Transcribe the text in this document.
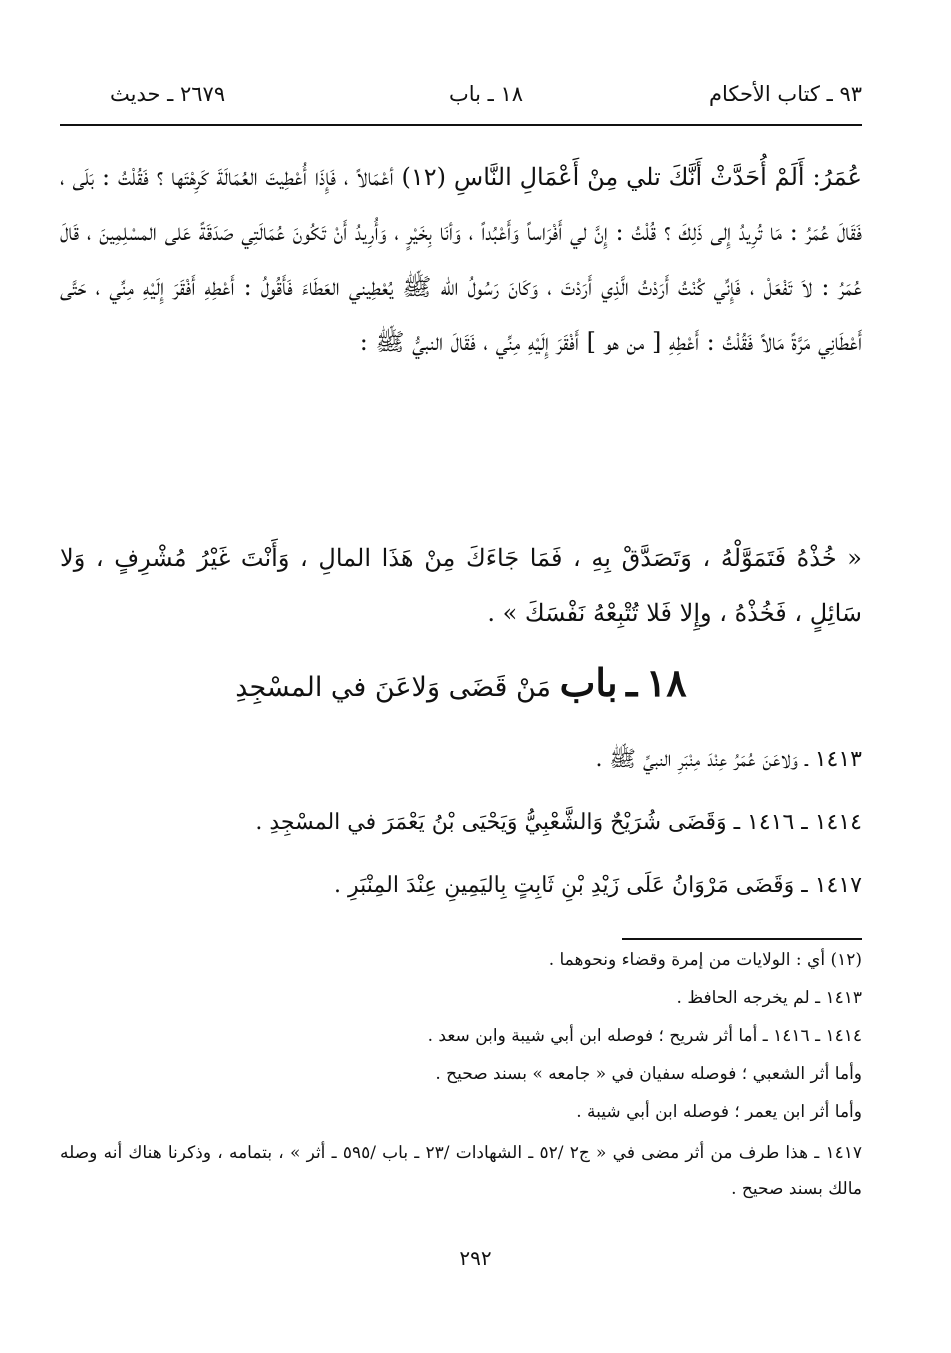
٩٣ ـ كتاب الأحكام
١٨ ـ باب
٢٦٧٩ ـ حديث
عُمَرُ: أَلَمْ أُحَدَّثْ أَنَّكَ تلي مِنْ أَعْمَالِ النَّاسِ (١٢) أعْمَالاً ، فَإِذَا أُعْطِيتَ العُمَالَةَ كَرِهْتَها ؟ فَقُلْتُ : بَلَى ، فَقَالَ عُمَرُ : مَا تُرِيدُ إِلى ذَلِكَ ؟ قُلْتُ : إِنَّ لي أَفْرَاساً وَأَعْبُداً ، وَأنَا بِخَيْرٍ ، وَأُرِيدُ أَنْ تَكُونَ عُمَالَتِي صَدَقَةً عَلى المسْلِمِينَ ، قَالَ عُمَرُ : لاَ تَفْعَلْ ، فَإِنِّي كُنْتُ أَرَدْتُ الَّذِي أَرَدْتَ ، وَكَانَ رَسُولُ الله ﷺ يُعْطِيني العَطَاءَ فَأَقُولُ : أَعْطِهِ أَفْقَرَ إِلَيْهِ مِنِّي ، حَتَّى أَعْطَانِي مَرَّةً مَالاً فَقُلْتُ : أَعْطِهِ [ من هو ] أَفْقَرَ إِلَيْهِ مِنِّي ، فَقَالَ النبيُّ ﷺ :
« خُذْهُ فَتَمَوَّلْهُ ، وَتَصَدَّقْ بِهِ ، فَمَا جَاءَكَ مِنْ هَذَا المالِ ، وَأَنْتَ غَيْرُ مُشْرِفٍ ، وَلا سَائِلٍ ، فَخُذْهُ ، وإِلا فَلا تُتْبِعْهُ نَفْسَكَ » .
١٨ ـ باب مَنْ قَضَى وَلاعَنَ في المسْجِدِ
١٤١٣ ـ وَلاعَنَ عُمَرُ عِنْدَ مِنْبَرِ النبيِّ ﷺ .
١٤١٤ ـ ١٤١٦ ـ وَقَضَى شُرَيْحٌ وَالشَّعْبِيُّ وَيَحْيَى بْنُ يَعْمَرَ في المسْجِدِ .
١٤١٧ ـ وَقَضَى مَرْوَانُ عَلَى زَيْدِ بْنِ ثَابِتٍ بِاليَمِينِ عِنْدَ المِنْبَرِ .
(١٢) أي : الولايات من إمرة وقضاء ونحوهما .
١٤١٣ ـ لم يخرجه الحافظ .
١٤١٤ ـ ١٤١٦ ـ أما أثر شريح ؛ فوصله ابن أبي شيبة وابن سعد .
وأما أثر الشعبي ؛ فوصله سفيان في « جامعه » بسند صحيح .
وأما أثر ابن يعمر ؛ فوصله ابن أبي شيبة .
١٤١٧ ـ هذا طرف من أثر مضى في « ج٢ /٥٢ ـ الشهادات /٢٣ ـ باب /٥٩٥ ـ أثر » ، بتمامه ، وذكرنا هناك أنه وصله مالك بسند صحيح .
٢٩٢
